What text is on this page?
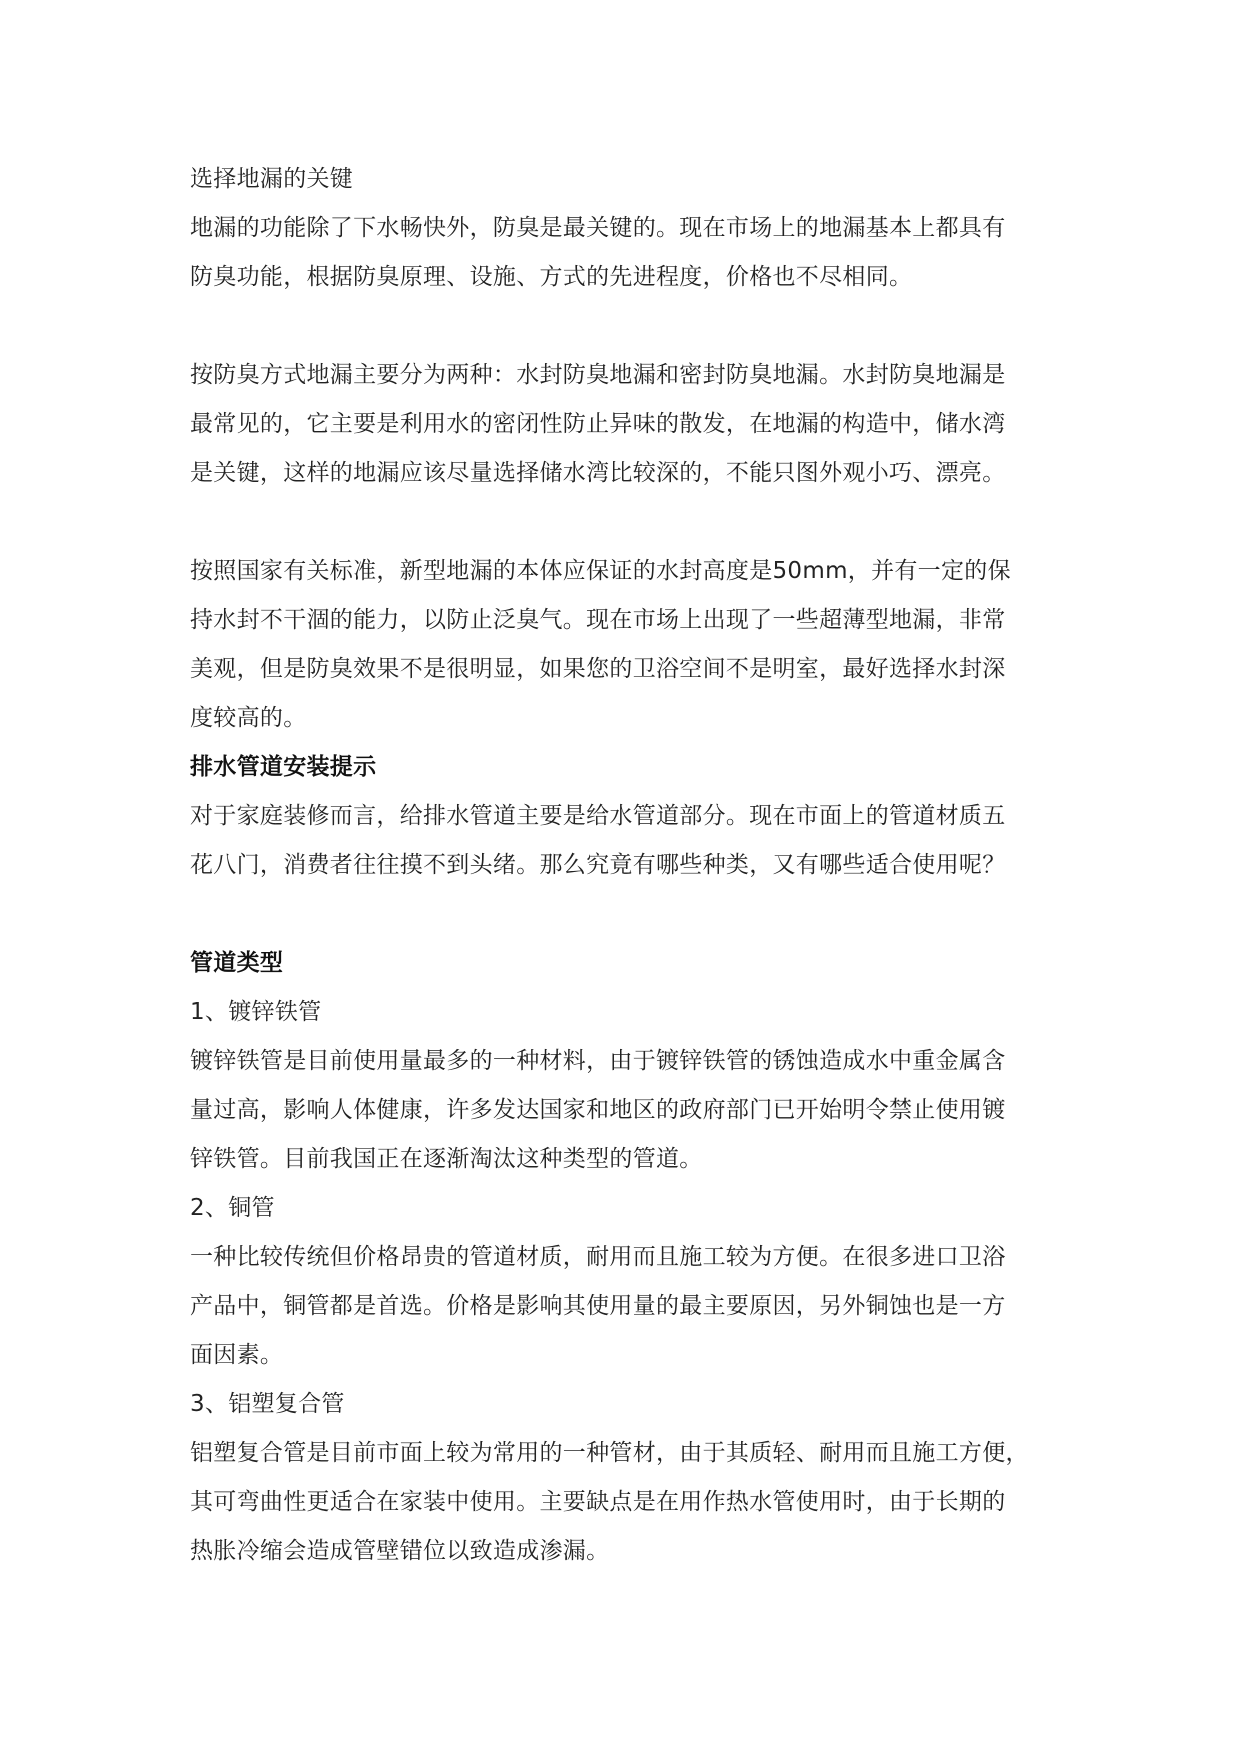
选择地漏的关键
地漏的功能除了下水畅快外，防臭是最关键的。现在市场上的地漏基本上都具有
防臭功能，根据防臭原理、设施、方式的先进程度，价格也不尽相同。
按防臭方式地漏主要分为两种：水封防臭地漏和密封防臭地漏。水封防臭地漏是
最常见的，它主要是利用水的密闭性防止异味的散发，在地漏的构造中，储水湾
是关键，这样的地漏应该尽量选择储水湾比较深的，不能只图外观小巧、漂亮。
按照国家有关标准，新型地漏的本体应保证的水封高度是50mm，并有一定的保
持水封不干涸的能力，以防止泛臭气。现在市场上出现了一些超薄型地漏，非常
美观，但是防臭效果不是很明显，如果您的卫浴空间不是明室，最好选择水封深
度较高的。
排水管道安装提示
对于家庭装修而言，给排水管道主要是给水管道部分。现在市面上的管道材质五
花八门，消费者往往摸不到头绪。那么究竟有哪些种类，又有哪些适合使用呢？
管道类型
1、镀锌铁管
镀锌铁管是目前使用量最多的一种材料，由于镀锌铁管的锈蚀造成水中重金属含
量过高，影响人体健康，许多发达国家和地区的政府部门已开始明令禁止使用镀
锌铁管。目前我国正在逐渐淘汰这种类型的管道。
2、铜管
一种比较传统但价格昂贵的管道材质，耐用而且施工较为方便。在很多进口卫浴
产品中，铜管都是首选。价格是影响其使用量的最主要原因，另外铜蚀也是一方
面因素。
3、铝塑复合管
铝塑复合管是目前市面上较为常用的一种管材，由于其质轻、耐用而且施工方便，
其可弯曲性更适合在家装中使用。主要缺点是在用作热水管使用时，由于长期的
热胀冷缩会造成管壁错位以致造成渗漏。
